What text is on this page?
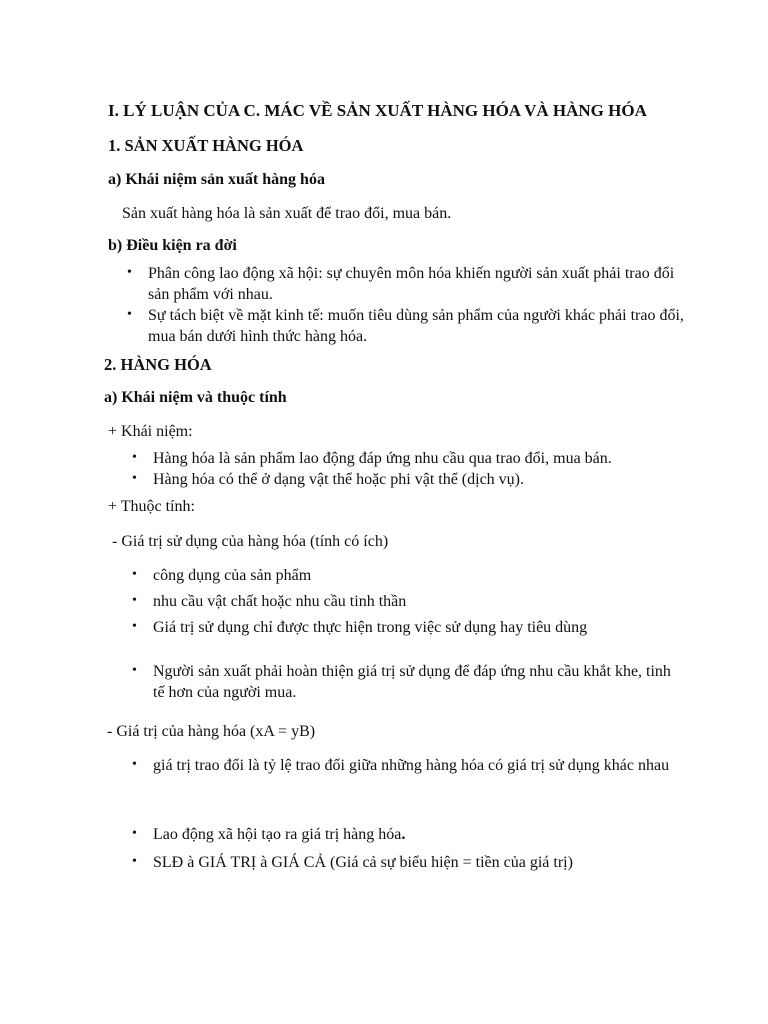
I. LÝ LUẬN CỦA C. MÁC VỀ SẢN XUẤT HÀNG HÓA VÀ HÀNG HÓA
1. SẢN XUẤT HÀNG HÓA
a) Khái niệm sản xuất hàng hóa
Sản xuất hàng hóa là sản xuất để trao đổi, mua bán.
b) Điều kiện ra đời
• Phân công lao động xã hội: sự chuyên môn hóa khiến người sản xuất phải trao đổi sản phẩm với nhau.
• Sự tách biệt về mặt kinh tế: muốn tiêu dùng sản phẩm của người khác phải trao đổi, mua bán dưới hình thức hàng hóa.
2. HÀNG HÓA
a) Khái niệm và thuộc tính
+ Khái niệm:
• Hàng hóa là sản phẩm lao động đáp ứng nhu cầu qua trao đổi, mua bán.
• Hàng hóa có thể ở dạng vật thể hoặc phi vật thể (dịch vụ).
+ Thuộc tính:
- Giá trị sử dụng của hàng hóa (tính có ích)
• công dụng của sản phẩm
• nhu cầu vật chất hoặc nhu cầu tinh thần
• Giá trị sử dụng chỉ được thực hiện trong việc sử dụng hay tiêu dùng
• Người sản xuất phải hoàn thiện giá trị sử dụng để đáp ứng nhu cầu khắt khe, tinh tế hơn của người mua.
- Giá trị của hàng hóa (xA = yB)
• giá trị trao đổi là tỷ lệ trao đổi giữa những hàng hóa có giá trị sử dụng khác nhau
• Lao động xã hội tạo ra giá trị hàng hóa.
• SLĐ à GIÁ TRỊ à GIÁ CẢ (Giá cả sự biểu hiện = tiền của giá trị)
